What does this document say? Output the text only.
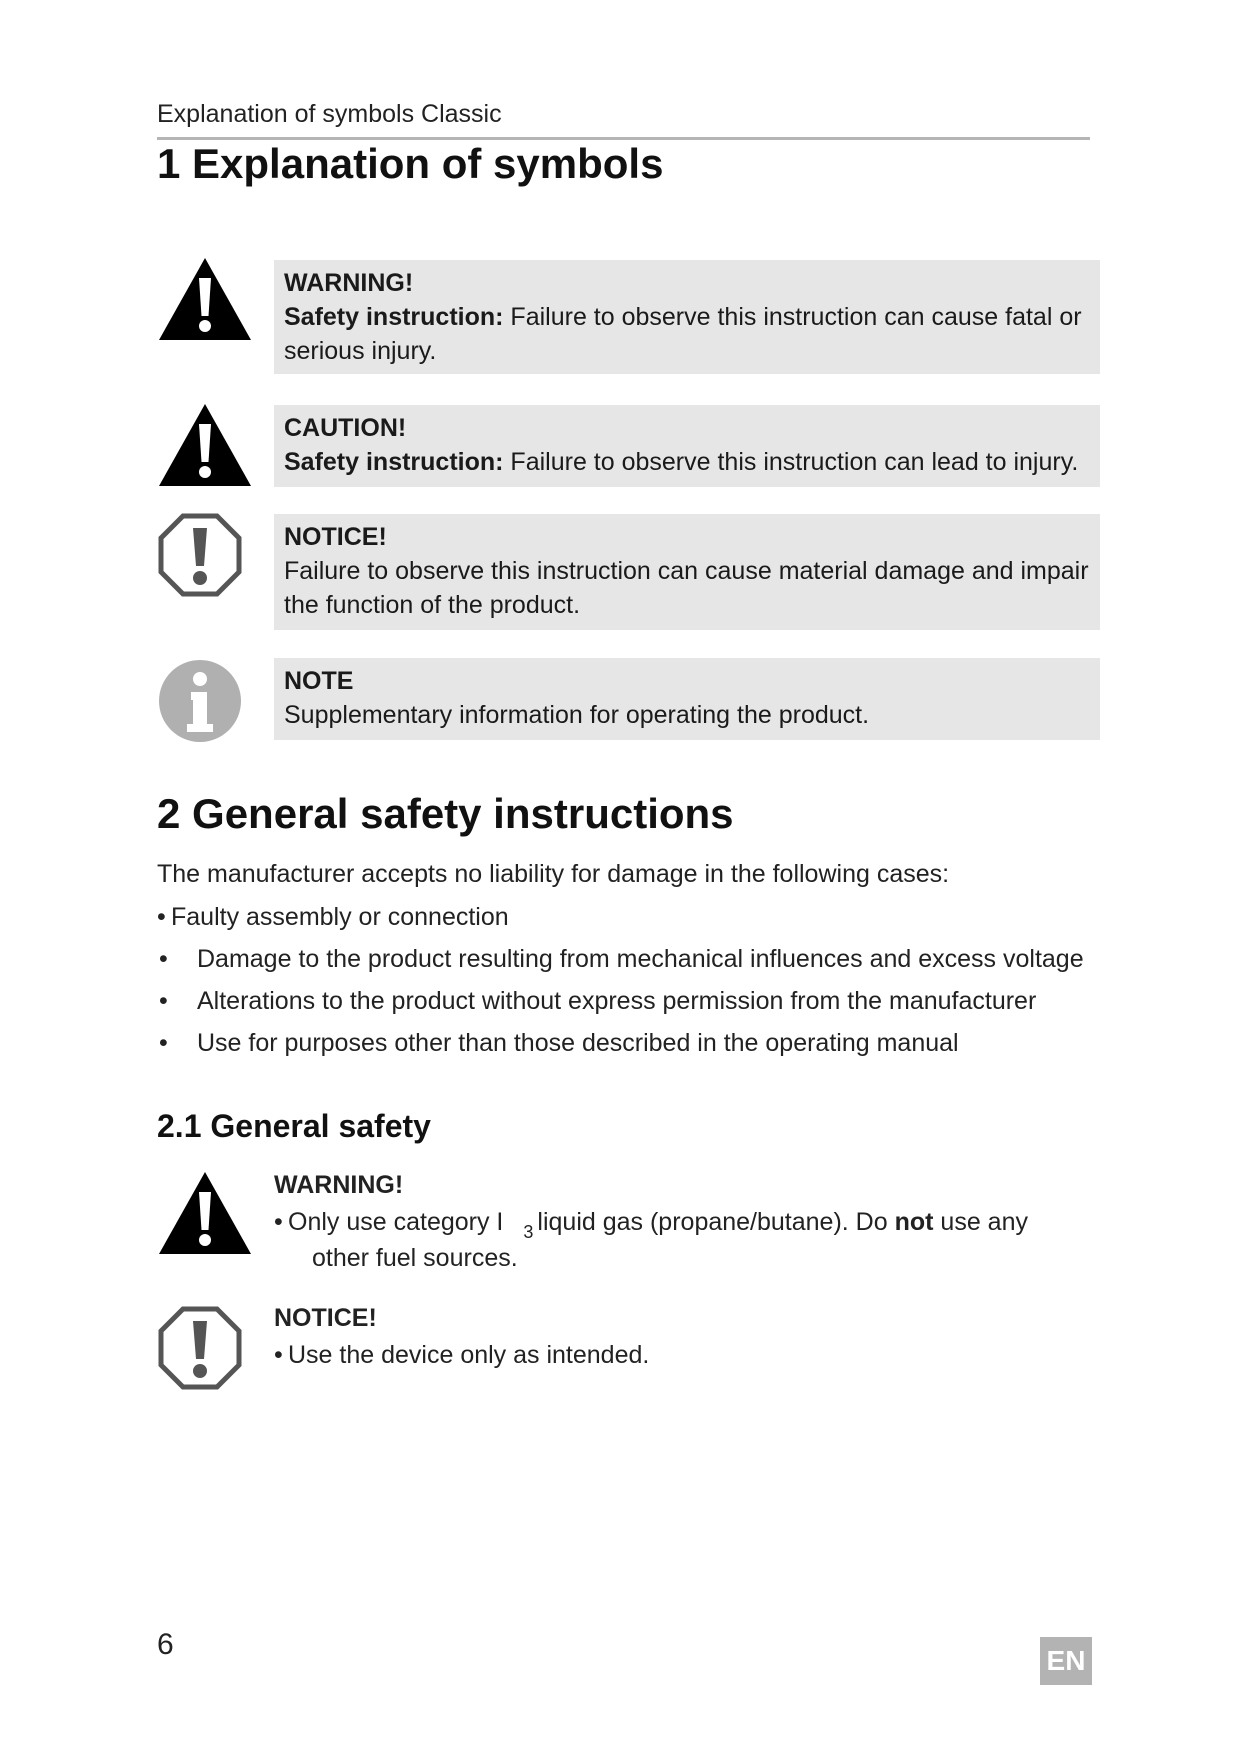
Explanation of symbols Classic
1 Explanation of symbols
WARNING!
Safety instruction: Failure to observe this instruction can cause fatal or serious injury.
CAUTION!
Safety instruction: Failure to observe this instruction can lead to injury.
NOTICE!
Failure to observe this instruction can cause material damage and impair the function of the product.
NOTE
Supplementary information for operating the product.
2 General safety instructions

The manufacturer accepts no liability for damage in the following cases:

• Faulty assembly or connection
• Damage to the product resulting from mechanical influences and excess voltage
• Alterations to the product without express permission from the manufacturer
• Use for purposes other than those described in the operating manual
2.1 General safety
WARNING!
• Only use category I $_3$ liquid gas (propane/butane). Do not use any
other fuel sources.
NOTICE!
• Use the device only as intended.
6	EN
